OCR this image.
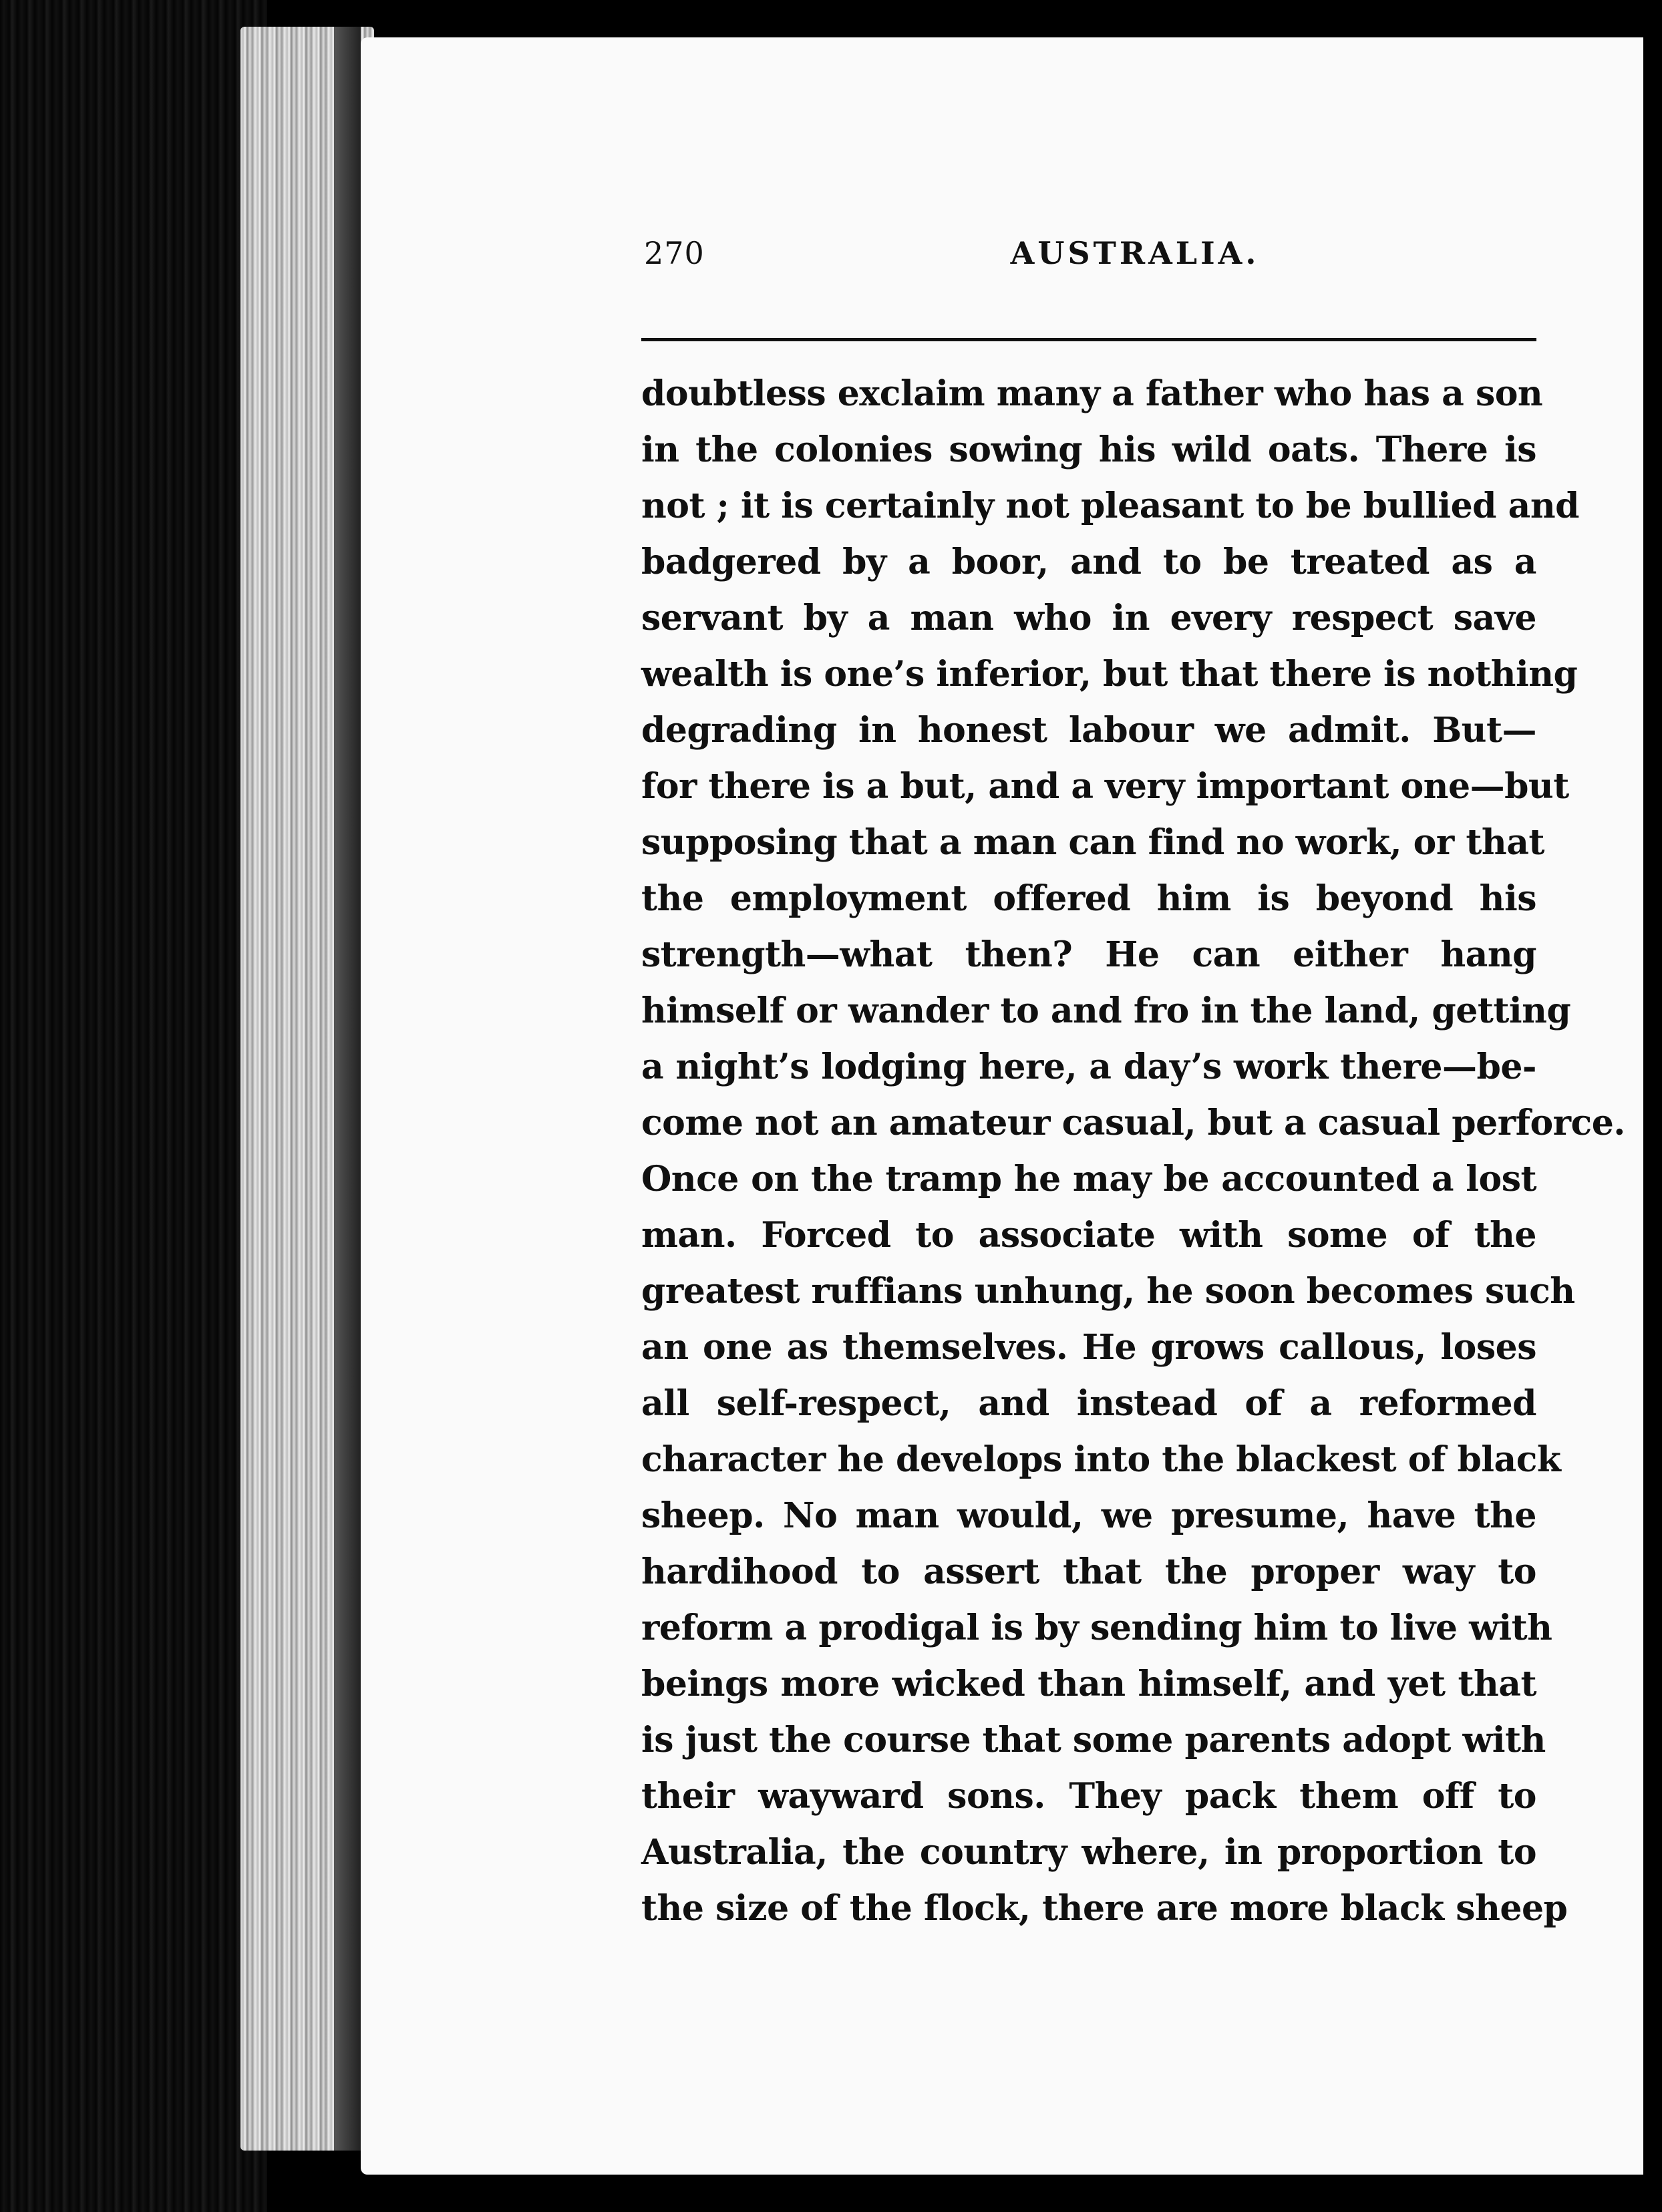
270	AUSTRALIA.
doubtless exclaim many a father who has a son
in the colonies sowing his wild oats. There is
not ; it is certainly not pleasant to be bullied and
badgered by a boor, and to be treated as a
servant by a man who in every respect save
wealth is one’s inferior, but that there is nothing
degrading in honest labour we admit. But—
for there is a but, and a very important one—but
supposing that a man can find no work, or that
the employment offered him is beyond his
strength—what then? He can either hang
himself or wander to and fro in the land, getting
a night’s lodging here, a day’s work there—be-
come not an amateur casual, but a casual perforce.
Once on the tramp he may be accounted a lost
man. Forced to associate with some of the
greatest ruffians unhung, he soon becomes such
an one as themselves. He grows callous, loses
all self-respect, and instead of a reformed
character he develops into the blackest of black
sheep. No man would, we presume, have the
hardihood to assert that the proper way to
reform a prodigal is by sending him to live with
beings more wicked than himself, and yet that
is just the course that some parents adopt with
their wayward sons. They pack them off to
Australia, the country where, in proportion to
the size of the flock, there are more black sheep
